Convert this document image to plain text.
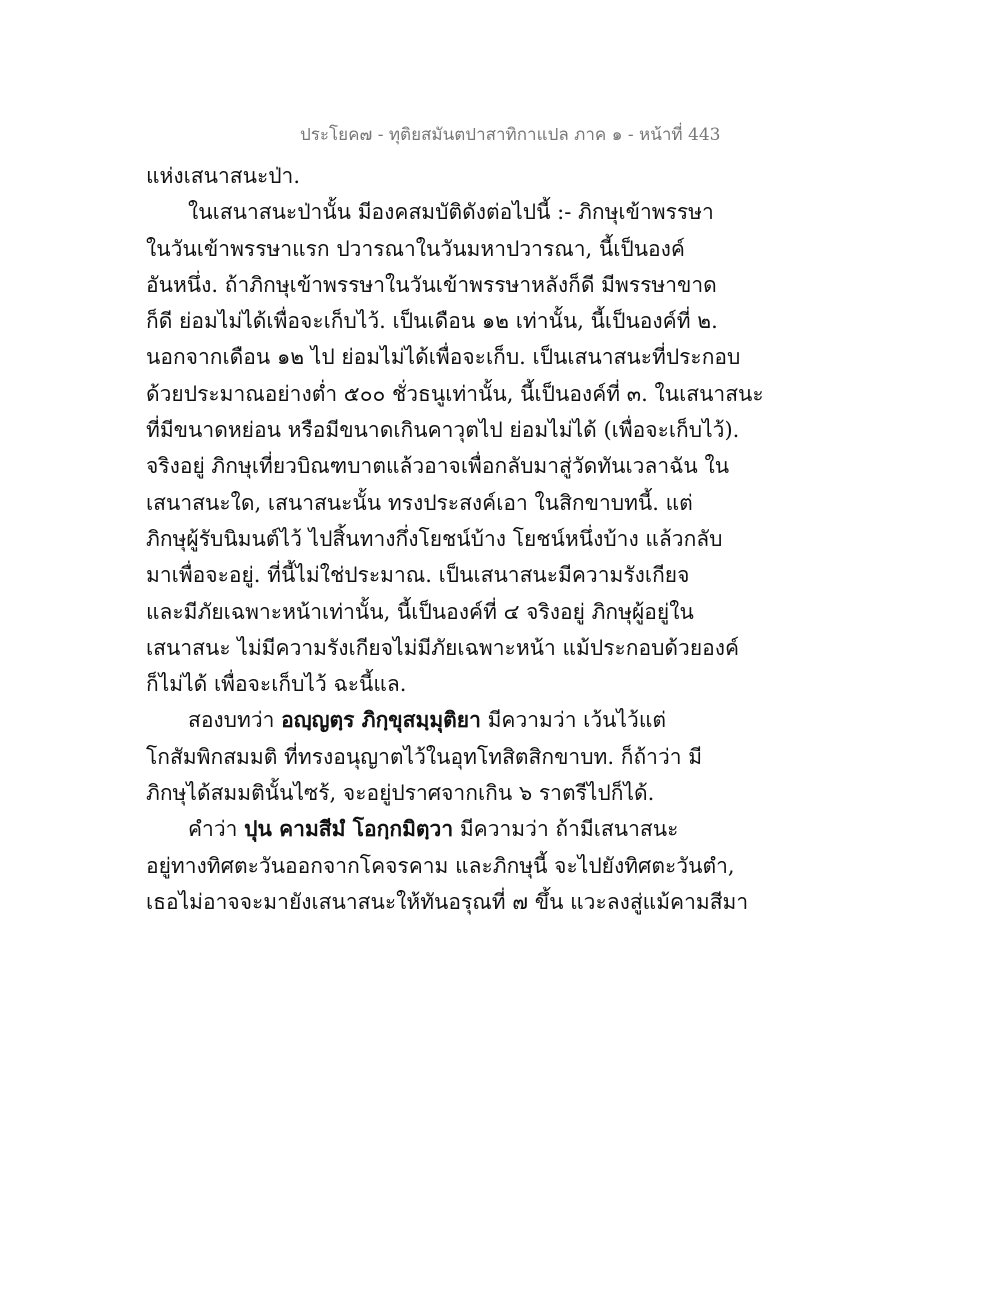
ประโยค๗ - ทุติยสมันตปาสาทิกาแปล ภาค ๑ - หน้าที่ 443
แห่งเสนาสนะป่า.
ในเสนาสนะป่านั้น มีองคสมบัติดังต่อไปนี้ :- ภิกษุเข้าพรรษา
ในวันเข้าพรรษาแรก ปวารณาในวันมหาปวารณา, นี้เป็นองค์
อันหนึ่ง. ถ้าภิกษุเข้าพรรษาในวันเข้าพรรษาหลังก็ดี มีพรรษาขาด
ก็ดี ย่อมไม่ได้เพื่อจะเก็บไว้. เป็นเดือน ๑๒ เท่านั้น, นี้เป็นองค์ที่ ๒.
นอกจากเดือน ๑๒ ไป ย่อมไม่ได้เพื่อจะเก็บ. เป็นเสนาสนะที่ประกอบ
ด้วยประมาณอย่างต่ำ ๕๐๐ ชั่วธนูเท่านั้น, นี้เป็นองค์ที่ ๓. ในเสนาสนะ
ที่มีขนาดหย่อน หรือมีขนาดเกินคาวุตไป ย่อมไม่ได้ (เพื่อจะเก็บไว้).
จริงอยู่ ภิกษุเที่ยวบิณฑบาตแล้วอาจเพื่อกลับมาสู่วัดทันเวลาฉัน ใน
เสนาสนะใด, เสนาสนะนั้น ทรงประสงค์เอา ในสิกขาบทนี้. แต่
ภิกษุผู้รับนิมนต์ไว้ ไปสิ้นทางกึ่งโยชน์บ้าง โยชน์หนึ่งบ้าง แล้วกลับ
มาเพื่อจะอยู่. ที่นี้ไม่ใช่ประมาณ. เป็นเสนาสนะมีความรังเกียจ
และมีภัยเฉพาะหน้าเท่านั้น, นี้เป็นองค์ที่ ๔ จริงอยู่ ภิกษุผู้อยู่ใน
เสนาสนะ ไม่มีความรังเกียจไม่มีภัยเฉพาะหน้า แม้ประกอบด้วยองค์
ก็ไม่ได้ เพื่อจะเก็บไว้ ฉะนี้แล.
สองบทว่า อญฺญตฺร ภิกฺขุสมฺมุติยา มีความว่า เว้นไว้แต่
โกสัมพิกสมมติ ที่ทรงอนุญาตไว้ในอุทโทสิตสิกขาบท. ก็ถ้าว่า มี
ภิกษุได้สมมตินั้นไซร้, จะอยู่ปราศจากเกิน ๖ ราตรีไปก็ได้.
คำว่า ปุน คามสีมํ โอกฺกมิตฺวา มีความว่า ถ้ามีเสนาสนะ
อยู่ทางทิศตะวันออกจากโคจรคาม และภิกษุนี้ จะไปยังทิศตะวันตำ,
เธอไม่อาจจะมายังเสนาสนะให้ทันอรุณที่ ๗ ขึ้น แวะลงสู่แม้คามสีมา
